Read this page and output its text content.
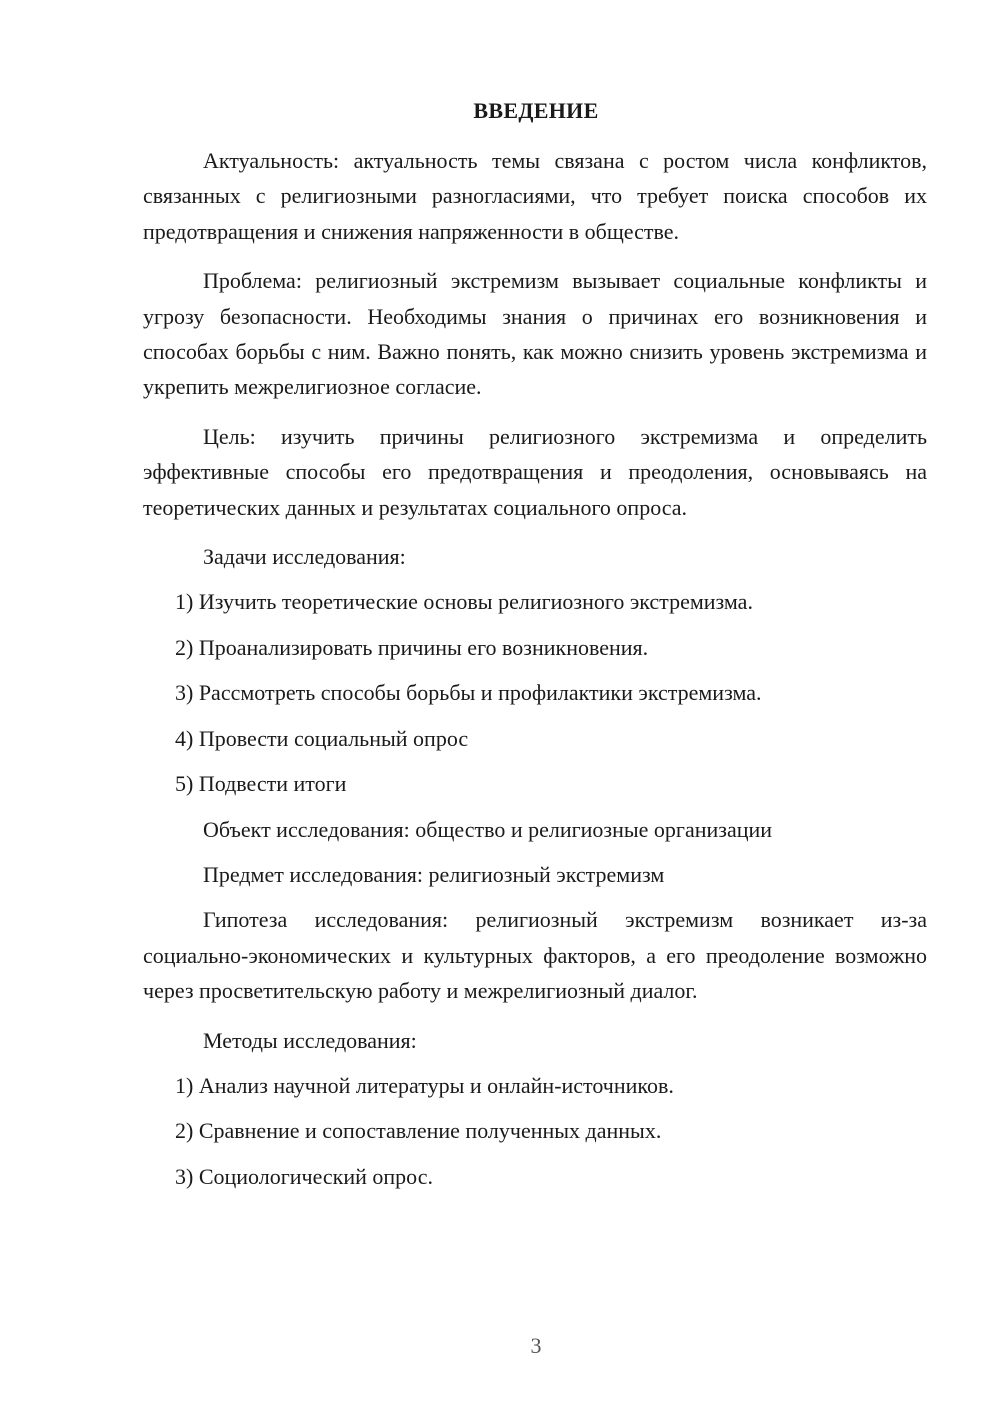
ВВЕДЕНИЕ

Актуальность: актуальность темы связана с ростом числа конфликтов, связанных с религиозными разногласиями, что требует поиска способов их предотвращения и снижения напряженности в обществе.

Проблема: религиозный экстремизм вызывает социальные конфликты и угрозу безопасности. Необходимы знания о причинах его возникновения и способах борьбы с ним. Важно понять, как можно снизить уровень экстремизма и укрепить межрелигиозное согласие.

Цель: изучить причины религиозного экстремизма и определить эффективные способы его предотвращения и преодоления, основываясь на теоретических данных и результатах социального опроса.

Задачи исследования:
1) Изучить теоретические основы религиозного экстремизма.
2) Проанализировать причины его возникновения.
3) Рассмотреть способы борьбы и профилактики экстремизма.
4) Провести социальный опрос
5) Подвести итоги
Объект исследования: общество и религиозные организации
Предмет исследования: религиозный экстремизм

Гипотеза исследования: религиозный экстремизм возникает из-за социально-экономических и культурных факторов, а его преодоление возможно через просветительскую работу и межрелигиозный диалог.

Методы исследования:
1) Анализ научной литературы и онлайн-источников.
2) Сравнение и сопоставление полученных данных.
3) Социологический опрос.
3
